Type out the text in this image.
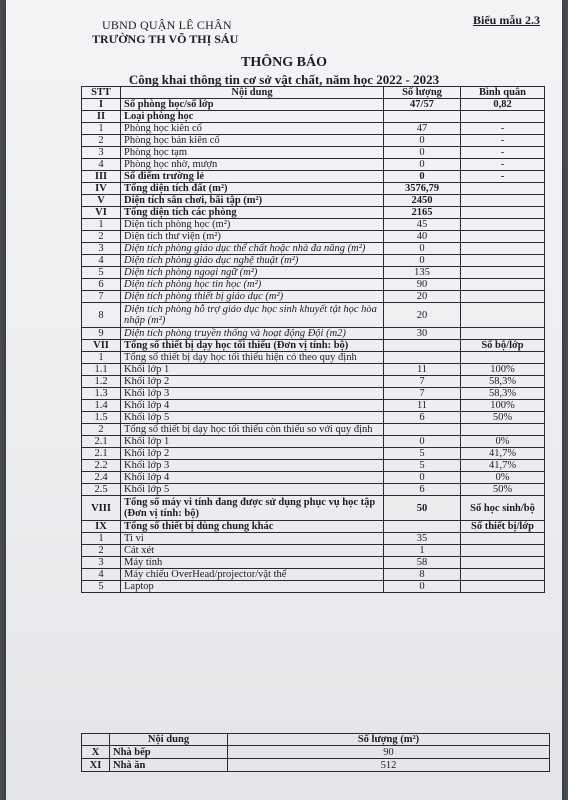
UBND QUẬN LÊ CHÂN
TRƯỜNG TH VÕ THỊ SÁU
Biểu mẫu 2.3
THÔNG BÁO
Công khai thông tin cơ sở vật chất, năm học 2022 - 2023
STT	Nội dung	Số lượng	Bình quân
I	Số phòng học/số lớp	47/57	0,82
II	Loại phòng học		
1	Phòng học kiên cố	47	-
2	Phòng học bán kiên cố	0	-
3	Phòng học tạm	0	-
4	Phòng học nhờ, mượn	0	-
III	Số điểm trường lẻ	0	-
IV	Tổng diện tích đất (m²)	3576,79	
V	Diện tích sân chơi, bãi tập (m²)	2450	
VI	Tổng diện tích các phòng	2165	
1	Diện tích phòng học (m²)	45	
2	Diện tích thư viện (m²)	40	
3	Diện tích phòng giáo dục thể chất hoặc nhà đa năng (m²)	0	
4	Diện tích phòng giáo dục nghệ thuật (m²)	0	
5	Diện tích phòng ngoại ngữ (m²)	135	
6	Diện tích phòng học tin học (m²)	90	
7	Diện tích phòng thiết bị giáo dục (m²)	20	
8	Diện tích phòng hỗ trợ giáo dục học sinh khuyết tật học hòa nhập (m²)	20	
9	Diện tích phòng truyền thống và hoạt động Đội (m2)	30	
VII	Tổng số thiết bị dạy học tối thiểu (Đơn vị tính: bộ)		Số bộ/lớp
1	Tổng số thiết bị dạy học tối thiểu hiện có theo quy định		
1.1	Khối lớp 1	11	100%
1.2	Khối lớp 2	7	58,3%
1.3	Khối lớp 3	7	58,3%
1.4	Khối lớp 4	11	100%
1.5	Khối lớp 5	6	50%
2	Tổng số thiết bị dạy học tối thiểu còn thiếu so với quy định		
2.1	Khối lớp 1	0	0%
2.1	Khối lớp 2	5	41,7%
2.2	Khối lớp 3	5	41,7%
2.4	Khối lớp 4	0	0%
2.5	Khối lớp 5	6	50%
VIII	Tổng số máy vi tính đang được sử dụng phục vụ học tập (Đơn vị tính: bộ)	50	Số học sinh/bộ
IX	Tổng số thiết bị dùng chung khác		Số thiết bị/lớp
1	Ti vi	35	
2	Cát xét	1	
3	Máy tính	58	
4	Máy chiếu OverHead/projector/vật thể	8	
5	Laptop	0	
	Nội dung	Số lượng (m²)
X	Nhà bếp	90
XI	Nhà ăn	512
